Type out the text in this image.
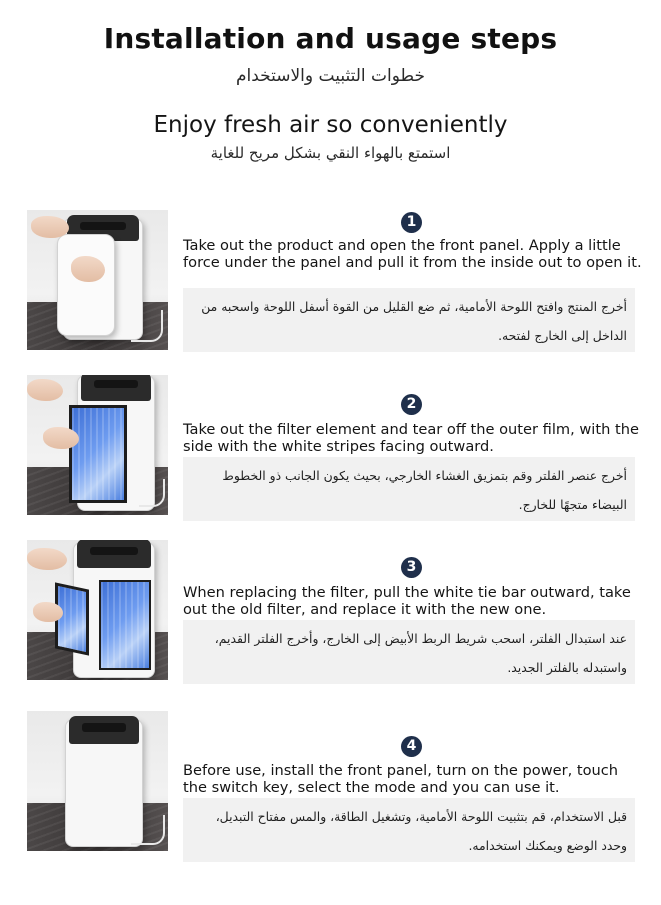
Installation and usage steps
خطوات التثبيت والاستخدام
Enjoy fresh air so conveniently
استمتع بالهواء النقي بشكل مريح للغاية
1

Take out the product and open the front panel. Apply a little force under the panel and pull it from the inside out to open it.

أخرج المنتج وافتح اللوحة الأمامية، ثم ضع القليل من القوة أسفل اللوحة واسحبه من الداخل إلى الخارج لفتحه.
2

Take out the filter element and tear off the outer film, with the side with the white stripes facing outward.

أخرج عنصر الفلتر وقم بتمزيق الغشاء الخارجي، بحيث يكون الجانب ذو الخطوط البيضاء متجهًا للخارج.
3

When replacing the filter, pull the white tie bar outward, take out the old filter, and replace it with the new one.

عند استبدال الفلتر، اسحب شريط الربط الأبيض إلى الخارج، وأخرج الفلتر القديم، واستبدله بالفلتر الجديد.
4

Before use, install the front panel, turn on the power, touch the switch key, select the mode and you can use it.

قبل الاستخدام، قم بتثبيت اللوحة الأمامية، وتشغيل الطاقة، والمس مفتاح التبديل، وحدد الوضع ويمكنك استخدامه.
